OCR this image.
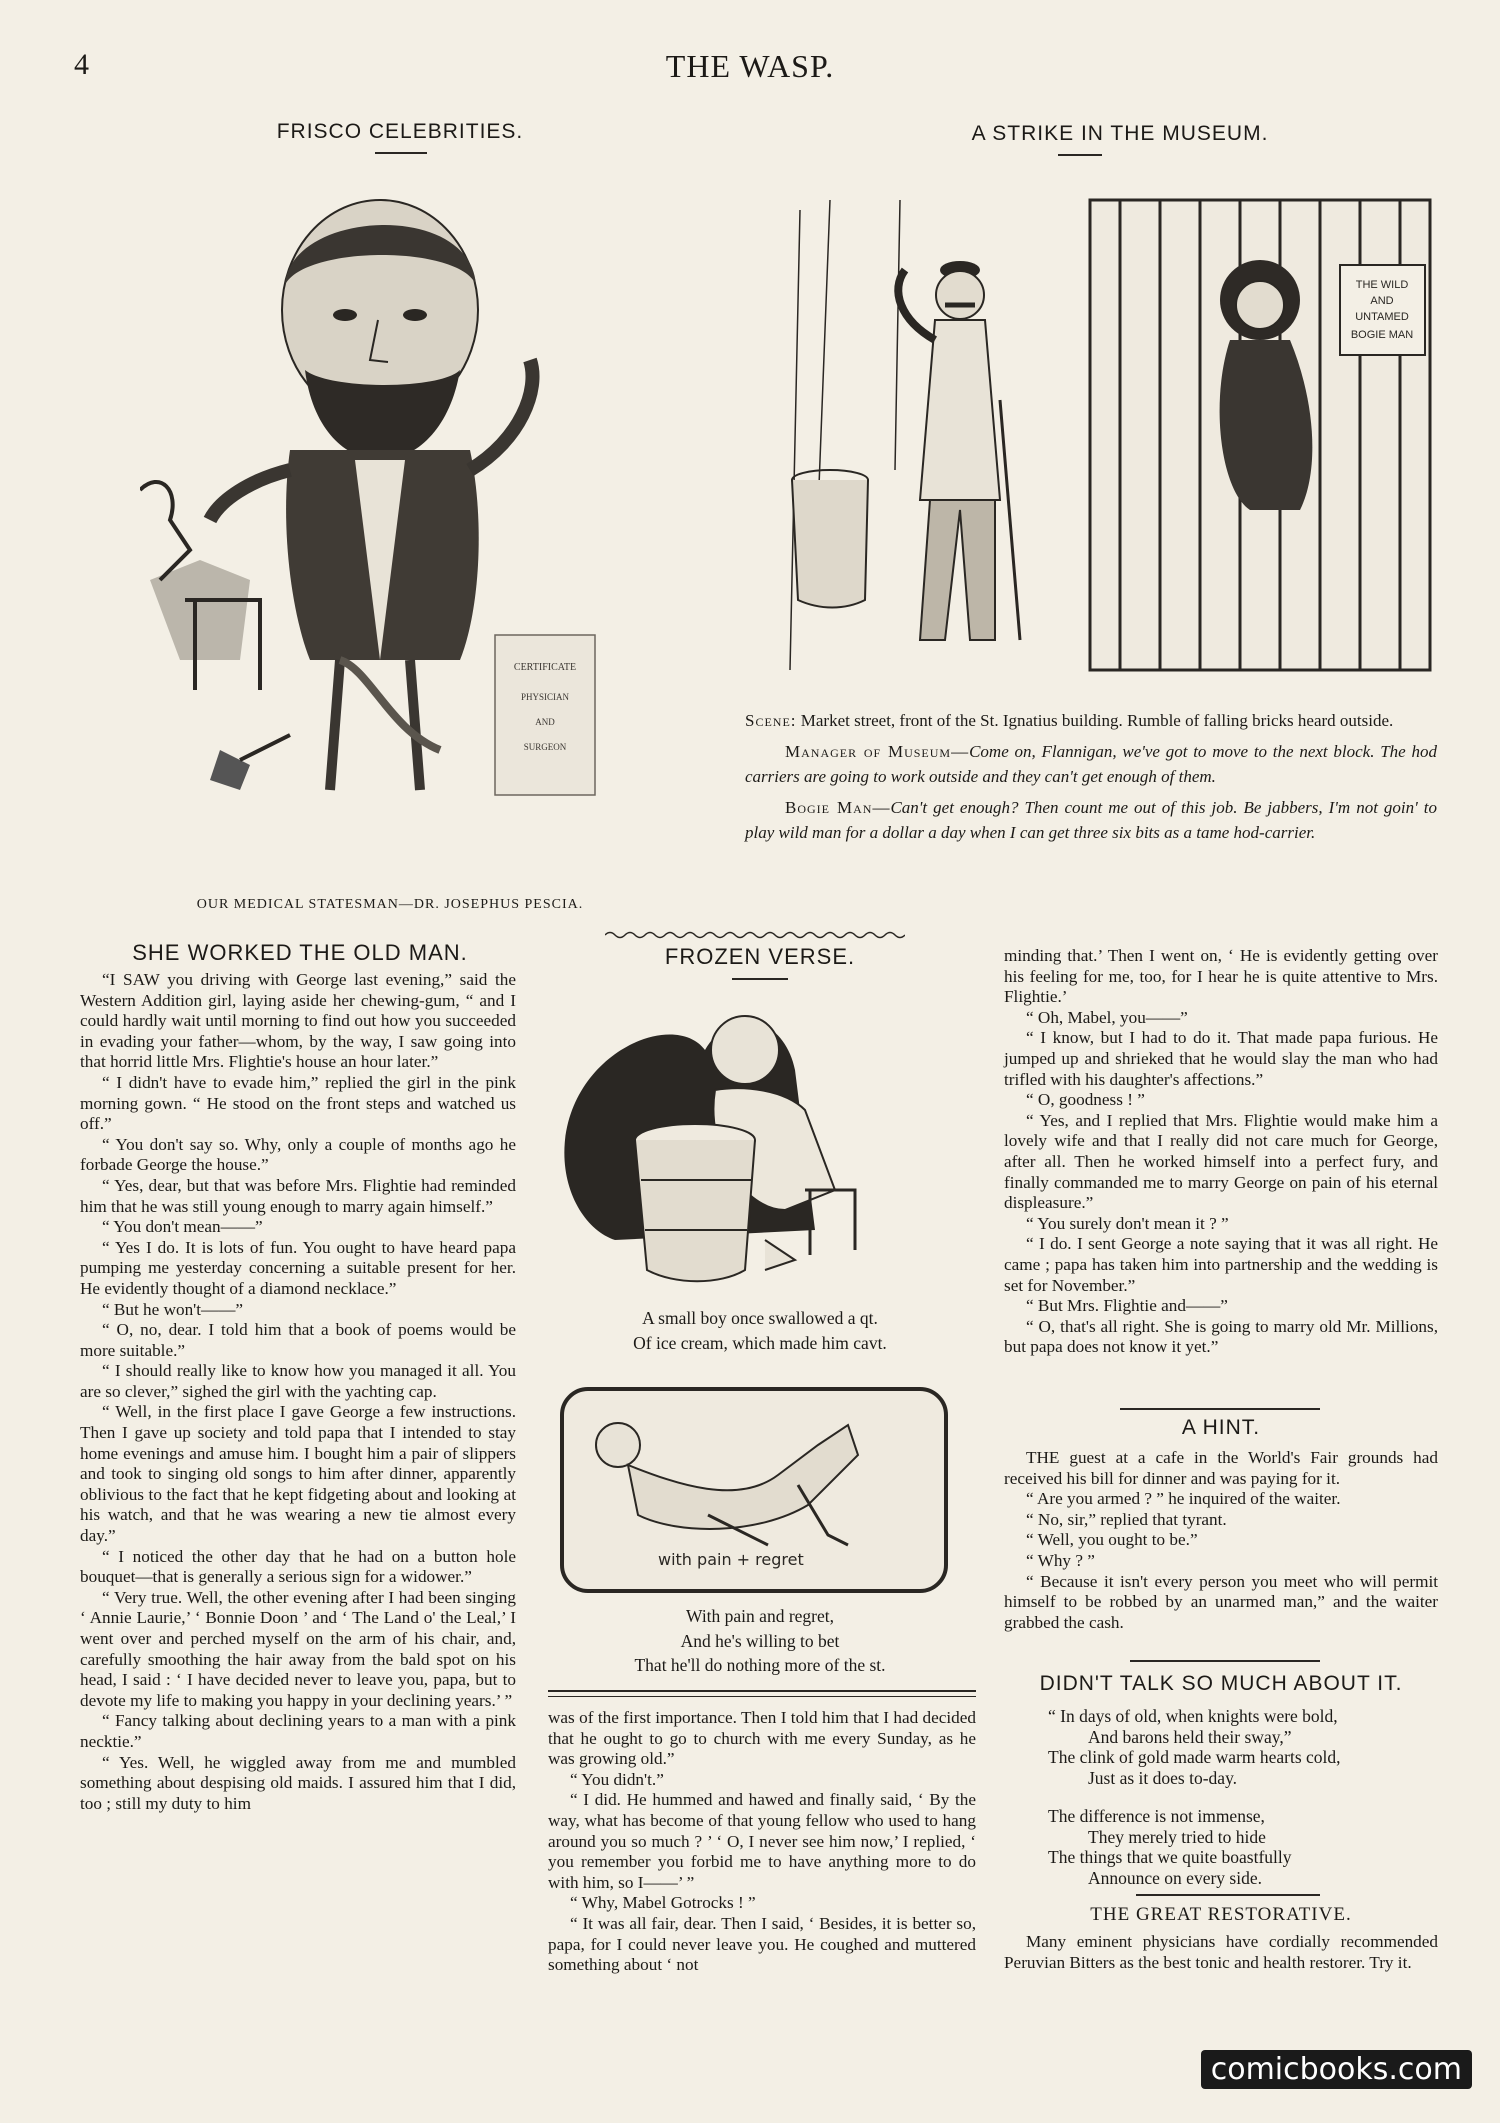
4	THE WASP.
FRISCO CELEBRITIES.
CERTIFICATE
PHYSICIAN
AND
SURGEON
OUR MEDICAL STATESMAN—DR. JOSEPHUS PESCIA.
A STRIKE IN THE MUSEUM.
THE WILD
AND
UNTAMED
BOGIE MAN

Scene: Market street, front of the St. Ignatius building. Rumble of falling bricks heard outside.

Manager of Museum—Come on, Flannigan, we've got to move to the next block. The hod carriers are going to work outside and they can't get enough of them.

Bogie Man—Can't get enough? Then count me out of this job. Be jabbers, I'm not goin' to play wild man for a dollar a day when I can get three six bits as a tame hod-carrier.

SHE WORKED THE OLD MAN.

“I SAW you driving with George last evening,” said the Western Addition girl, laying aside her chewing-gum, “ and I could hardly wait until morning to find out how you succeeded in evading your father—whom, by the way, I saw going into that horrid little Mrs. Flightie's house an hour later.”

“ I didn't have to evade him,” replied the girl in the pink morning gown. “ He stood on the front steps and watched us off.”

“ You don't say so. Why, only a couple of months ago he forbade George the house.”

“ Yes, dear, but that was before Mrs. Flightie had reminded him that he was still young enough to marry again himself.”

“ You don't mean——”

“ Yes I do. It is lots of fun. You ought to have heard papa pumping me yesterday concerning a suitable present for her. He evidently thought of a diamond necklace.”

“ But he won't——”

“ O, no, dear. I told him that a book of poems would be more suitable.”

“ I should really like to know how you managed it all. You are so clever,” sighed the girl with the yachting cap.

“ Well, in the first place I gave George a few instructions. Then I gave up society and told papa that I intended to stay home evenings and amuse him. I bought him a pair of slippers and took to singing old songs to him after dinner, apparently oblivious to the fact that he kept fidgeting about and looking at his watch, and that he was wearing a new tie almost every day.”

“ I noticed the other day that he had on a button hole bouquet—that is generally a serious sign for a widower.”

“ Very true. Well, the other evening after I had been singing ‘ Annie Laurie,’ ‘ Bonnie Doon ’ and ‘ The Land o' the Leal,’ I went over and perched myself on the arm of his chair, and, carefully smoothing the hair away from the bald spot on his head, I said : ‘ I have decided never to leave you, papa, but to devote my life to making you happy in your declining years.’ ”

“ Fancy talking about declining years to a man with a pink necktie.”

“ Yes. Well, he wiggled away from me and mumbled something about despising old maids. I assured him that I did, too ; still my duty to him

FROZEN VERSE.
A small boy once swallowed a qt.
Of ice cream, which made him cavt.
with pain + regret
With pain and regret,
And he's willing to bet
That he'll do nothing more of the st.

was of the first importance. Then I told him that I had decided that he ought to go to church with me every Sunday, as he was growing old.”

“ You didn't.”

“ I did. He hummed and hawed and finally said, ‘ By the way, what has become of that young fellow who used to hang around you so much ? ’ ‘ O, I never see him now,’ I replied, ‘ you remember you forbid me to have anything more to do with him, so I——’ ”

“ Why, Mabel Gotrocks ! ”

“ It was all fair, dear. Then I said, ‘ Besides, it is better so, papa, for I could never leave you. He coughed and muttered something about ‘ not

minding that.’ Then I went on, ‘ He is evidently getting over his feeling for me, too, for I hear he is quite attentive to Mrs. Flightie.’

“ Oh, Mabel, you——”

“ I know, but I had to do it. That made papa furious. He jumped up and shrieked that he would slay the man who had trifled with his daughter's affections.”

“ O, goodness ! ”

“ Yes, and I replied that Mrs. Flightie would make him a lovely wife and that I really did not care much for George, after all. Then he worked himself into a perfect fury, and finally commanded me to marry George on pain of his eternal displeasure.”

“ You surely don't mean it ? ”

“ I do. I sent George a note saying that it was all right. He came ; papa has taken him into partnership and the wedding is set for November.”

“ But Mrs. Flightie and——”

“ O, that's all right. She is going to marry old Mr. Millions, but papa does not know it yet.”

A HINT.

THE guest at a cafe in the World's Fair grounds had received his bill for dinner and was paying for it.

“ Are you armed ? ” he inquired of the waiter.

“ No, sir,” replied that tyrant.

“ Well, you ought to be.”

“ Why ? ”

“ Because it isn't every person you meet who will permit himself to be robbed by an unarmed man,” and the waiter grabbed the cash.

DIDN'T TALK SO MUCH ABOUT IT.
“ In days of old, when knights were bold,
And barons held their sway,”
The clink of gold made warm hearts cold,
Just as it does to-day.
The difference is not immense,
They merely tried to hide
The things that we quite boastfully
Announce on every side.
THE GREAT RESTORATIVE.

Many eminent physicians have cordially recommended Peruvian Bitters as the best tonic and health restorer. Try it.

comicbooks.com
